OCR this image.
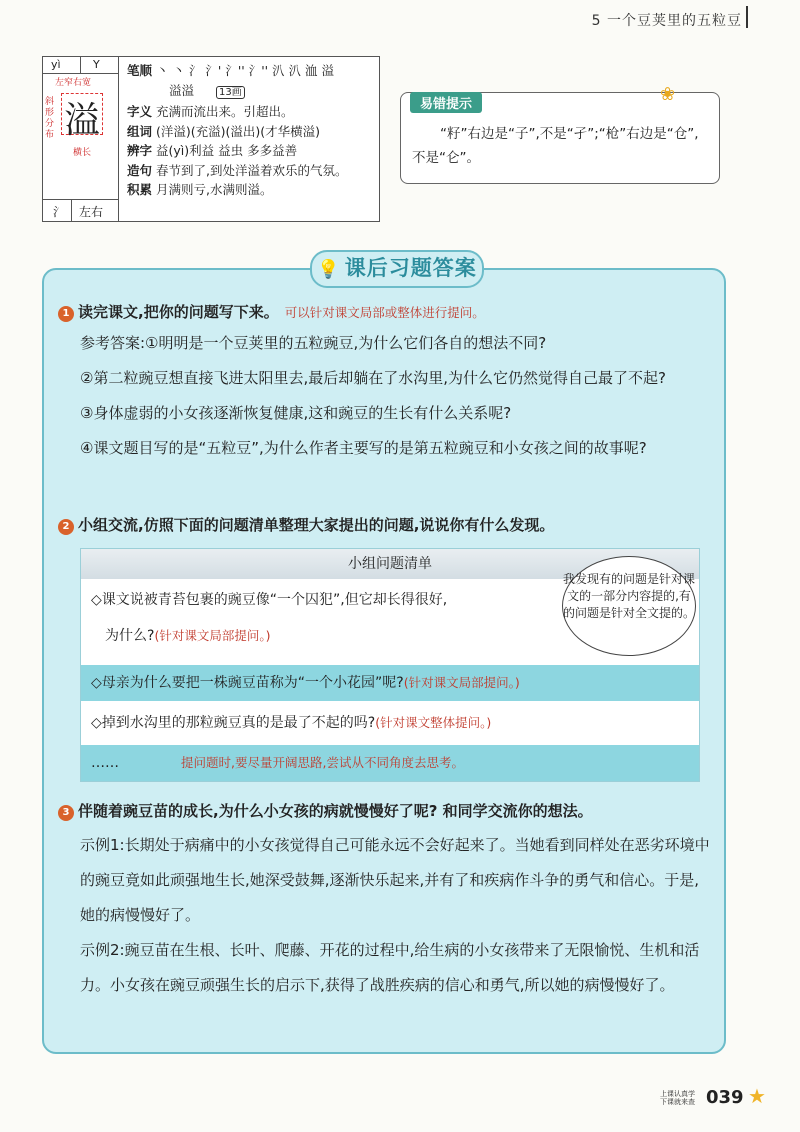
5 一个豆荚里的五粒豆
yì	Y
左窄右宽
斜形分布 溢
横长
氵 左右
笔顺 丶 丶 氵 氵' 氵'' 氵'' 汃 汃 洫 溢
溢溢	13画
字义 充满而流出来。引超出。
组词 (洋溢)(充溢)(溢出)(才华横溢)
辨字 益(yì)利益 益虫 多多益善
造句 春节到了,到处洋溢着欢乐的气氛。
积累 月满则亏,水满则溢。
易错提示	❀
“籽”右边是“子”,不是“孑”;“枪”右边是“仓”,不是“仑”。
💡 课后习题答案
1 读完课文,把你的问题写下来。 可以针对课文局部或整体进行提问。

参考答案:①明明是一个豆荚里的五粒豌豆,为什么它们各自的想法不同?

②第二粒豌豆想直接飞进太阳里去,最后却躺在了水沟里,为什么它仍然觉得自己最了不起?

③身体虚弱的小女孩逐渐恢复健康,这和豌豆的生长有什么关系呢?

④课文题目写的是“五粒豆”,为什么作者主要写的是第五粒豌豆和小女孩之间的故事呢?

2 小组交流,仿照下面的问题清单整理大家提出的问题,说说你有什么发现。
小组问题清单
◇课文说被青苔包裹的豌豆像“一个囚犯”,但它却长得很好,
为什么?(针对课文局部提问。)
◇母亲为什么要把一株豌豆苗称为“一个小花园”呢?(针对课文局部提问。)
◇掉到水沟里的那粒豌豆真的是最了不起的吗?(针对课文整体提问。)
……	提问题时,要尽量开阔思路,尝试从不同角度去思考。
我发现有的问题是针对课文的一部分内容提的,有的问题是针对全文提的。
3 伴随着豌豆苗的成长,为什么小女孩的病就慢慢好了呢? 和同学交流你的想法。

示例1:长期处于病痛中的小女孩觉得自己可能永远不会好起来了。当她看到同样处在恶劣环境中的豌豆竟如此顽强地生长,她深受鼓舞,逐渐快乐起来,并有了和疾病作斗争的勇气和信心。于是,她的病慢慢好了。

示例2:豌豆苗在生根、长叶、爬藤、开花的过程中,给生病的小女孩带来了无限愉悦、生机和活力。小女孩在豌豆顽强生长的启示下,获得了战胜疾病的信心和勇气,所以她的病慢慢好了。

上课认真学
下课就来查 039 ★
